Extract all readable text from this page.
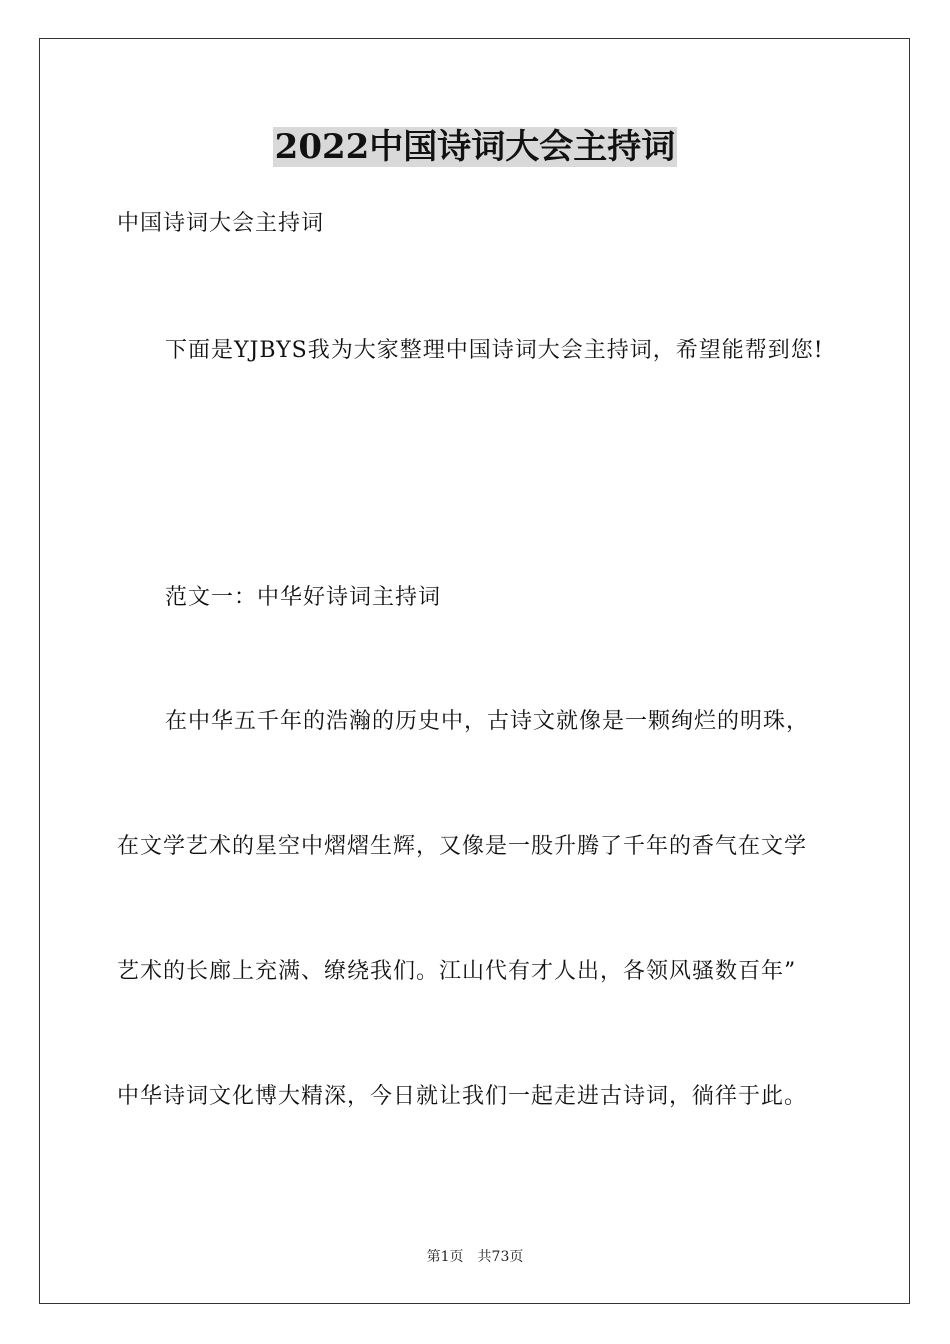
2022中国诗词大会主持词

中国诗词大会主持词

下面是YJBYS我为大家整理中国诗词大会主持词，希望能帮到您!

范文一：中华好诗词主持词

在中华五千年的浩瀚的历史中，古诗文就像是一颗绚烂的明珠，

在文学艺术的星空中熠熠生辉，又像是一股升腾了千年的香气在文学

艺术的长廊上充满、缭绕我们。江山代有才人出，各领风骚数百年”

中华诗词文化博大精深，今日就让我们一起走进古诗词，徜徉于此。

第1页 共73页
